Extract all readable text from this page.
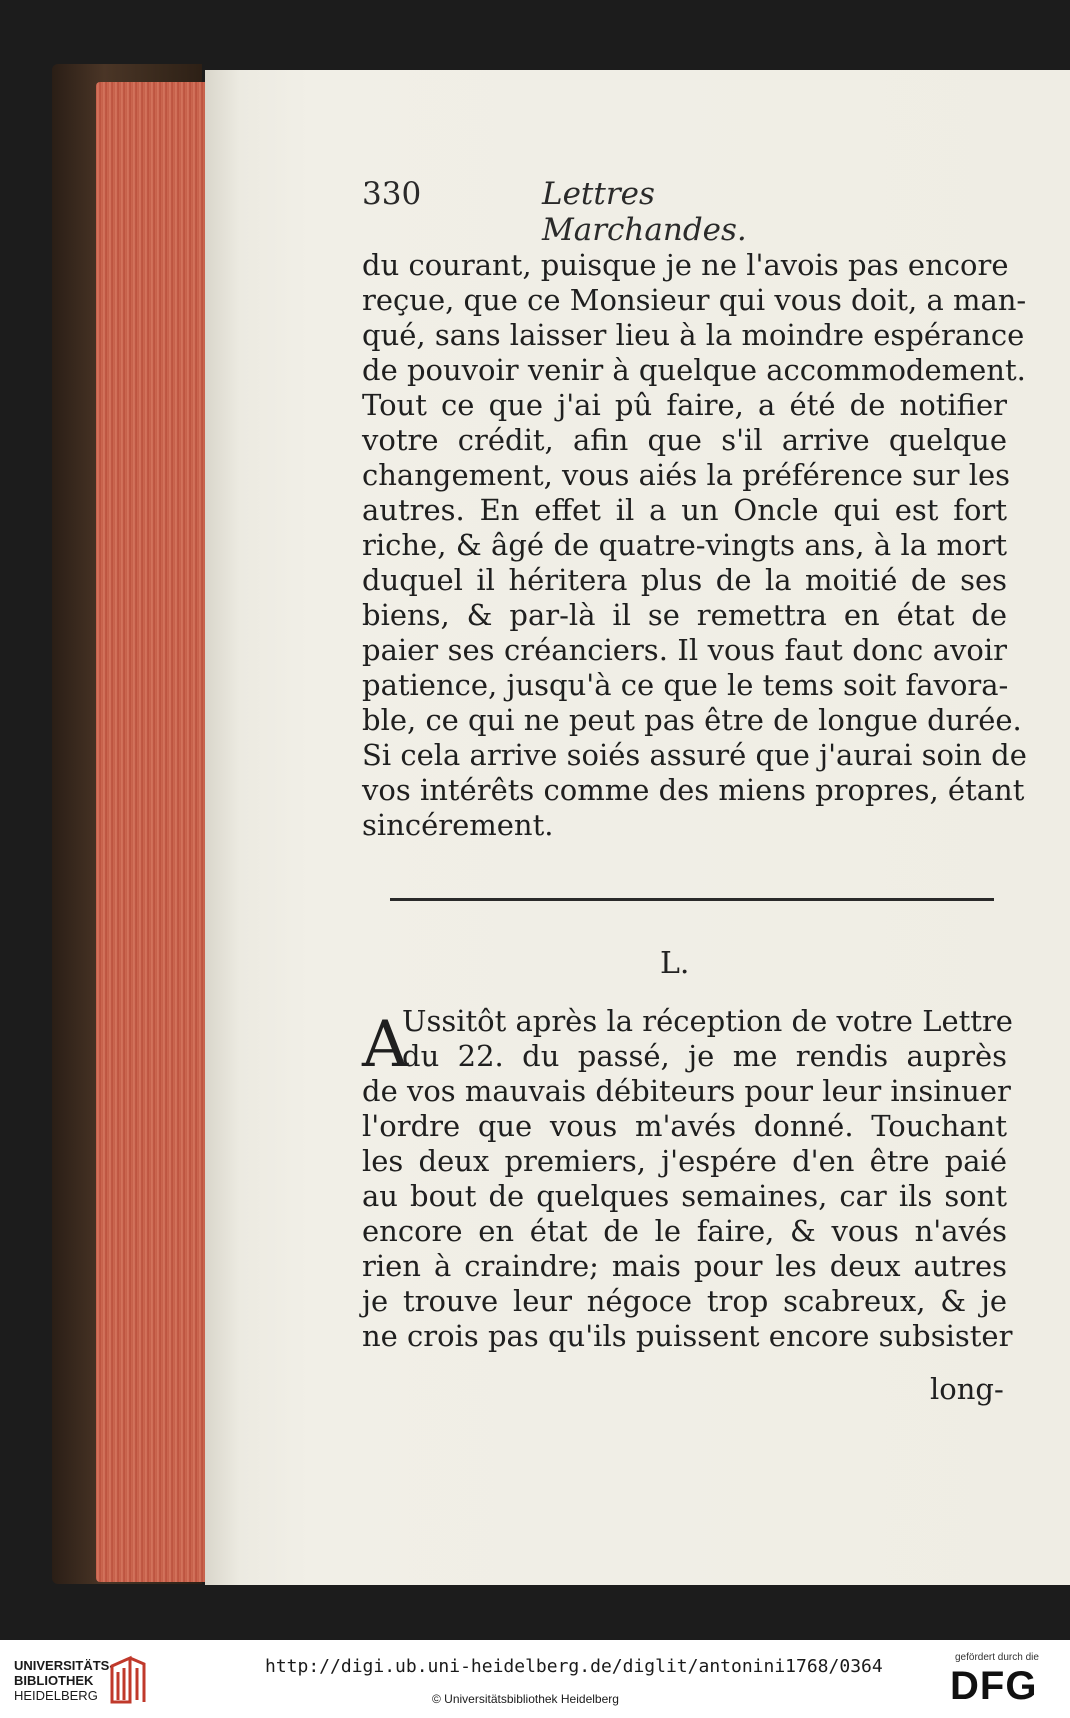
330	Lettres Marchandes.
du courant, puisque je ne l'avois pas encore
reçue, que ce Monsieur qui vous doit, a man-
qué, sans laisser lieu à la moindre espérance
de pouvoir venir à quelque accommodement.
Tout ce que j'ai pû faire, a été de notifier
votre crédit, afin que s'il arrive quelque
changement, vous aiés la préférence sur les
autres. En effet il a un Oncle qui est fort
riche, & âgé de quatre-vingts ans, à la mort
duquel il héritera plus de la moitié de ses
biens, & par-là il se remettra en état de
paier ses créanciers. Il vous faut donc avoir
patience, jusqu'à ce que le tems soit favora-
ble, ce qui ne peut pas être de longue durée.
Si cela arrive soiés assuré que j'aurai soin de
vos intérêts comme des miens propres, étant
sincérement.
L.
A
Ussitôt après la réception de votre Lettre
du 22. du passé, je me rendis auprès
de vos mauvais débiteurs pour leur insinuer
l'ordre que vous m'avés donné. Touchant
les deux premiers, j'espére d'en être paié
au bout de quelques semaines, car ils sont
encore en état de le faire, & vous n'avés
rien à craindre; mais pour les deux autres
je trouve leur négoce trop scabreux, & je
ne crois pas qu'ils puissent encore subsister
long-
UNIVERSITÄTS-
BIBLIOTHEK
HEIDELBERG
http://digi.ub.uni-heidelberg.de/diglit/antonini1768/0364
© Universitätsbibliothek Heidelberg
gefördert durch die
DFG
